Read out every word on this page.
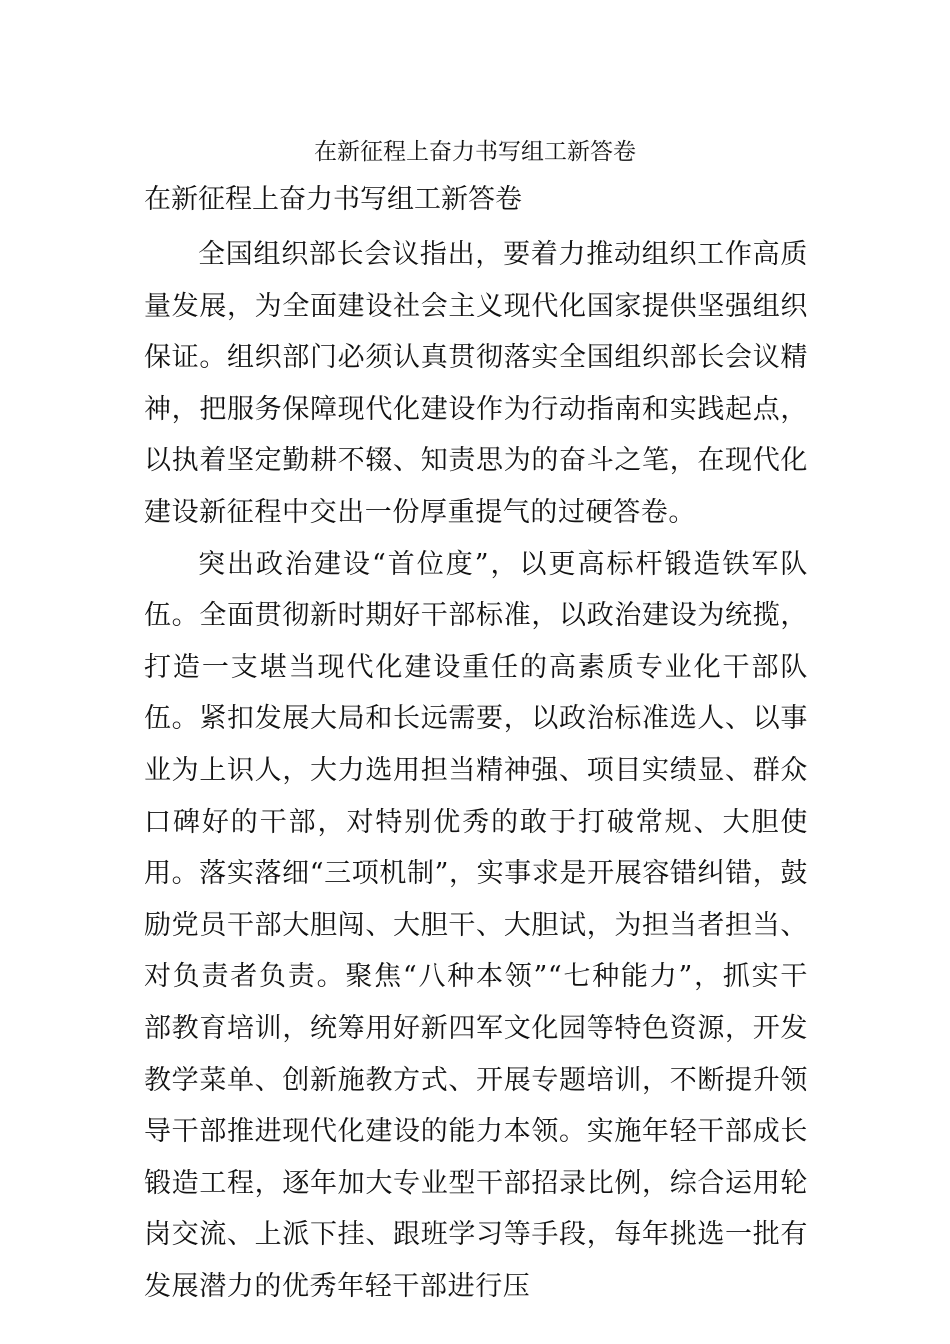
在新征程上奋力书写组工新答卷

在新征程上奋力书写组工新答卷

全国组织部长会议指出，要着力推动组织工作高质量发展，为全面建设社会主义现代化国家提供坚强组织保证。组织部门必须认真贯彻落实全国组织部长会议精神，把服务保障现代化建设作为行动指南和实践起点，以执着坚定勤耕不辍、知责思为的奋斗之笔，在现代化建设新征程中交出一份厚重提气的过硬答卷。

突出政治建设“首位度”，以更高标杆锻造铁军队伍。全面贯彻新时期好干部标准，以政治建设为统揽，打造一支堪当现代化建设重任的高素质专业化干部队伍。紧扣发展大局和长远需要，以政治标准选人、以事业为上识人，大力选用担当精神强、项目实绩显、群众口碑好的干部，对特别优秀的敢于打破常规、大胆使用。落实落细“三项机制”，实事求是开展容错纠错，鼓励党员干部大胆闯、大胆干、大胆试，为担当者担当、对负责者负责。聚焦“八种本领”“七种能力”，抓实干部教育培训，统筹用好新四军文化园等特色资源，开发教学菜单、创新施教方式、开展专题培训，不断提升领导干部推进现代化建设的能力本领。实施年轻干部成长锻造工程，逐年加大专业型干部招录比例，综合运用轮岗交流、上派下挂、跟班学习等手段，每年挑选一批有发展潜力的优秀年轻干部进行压
